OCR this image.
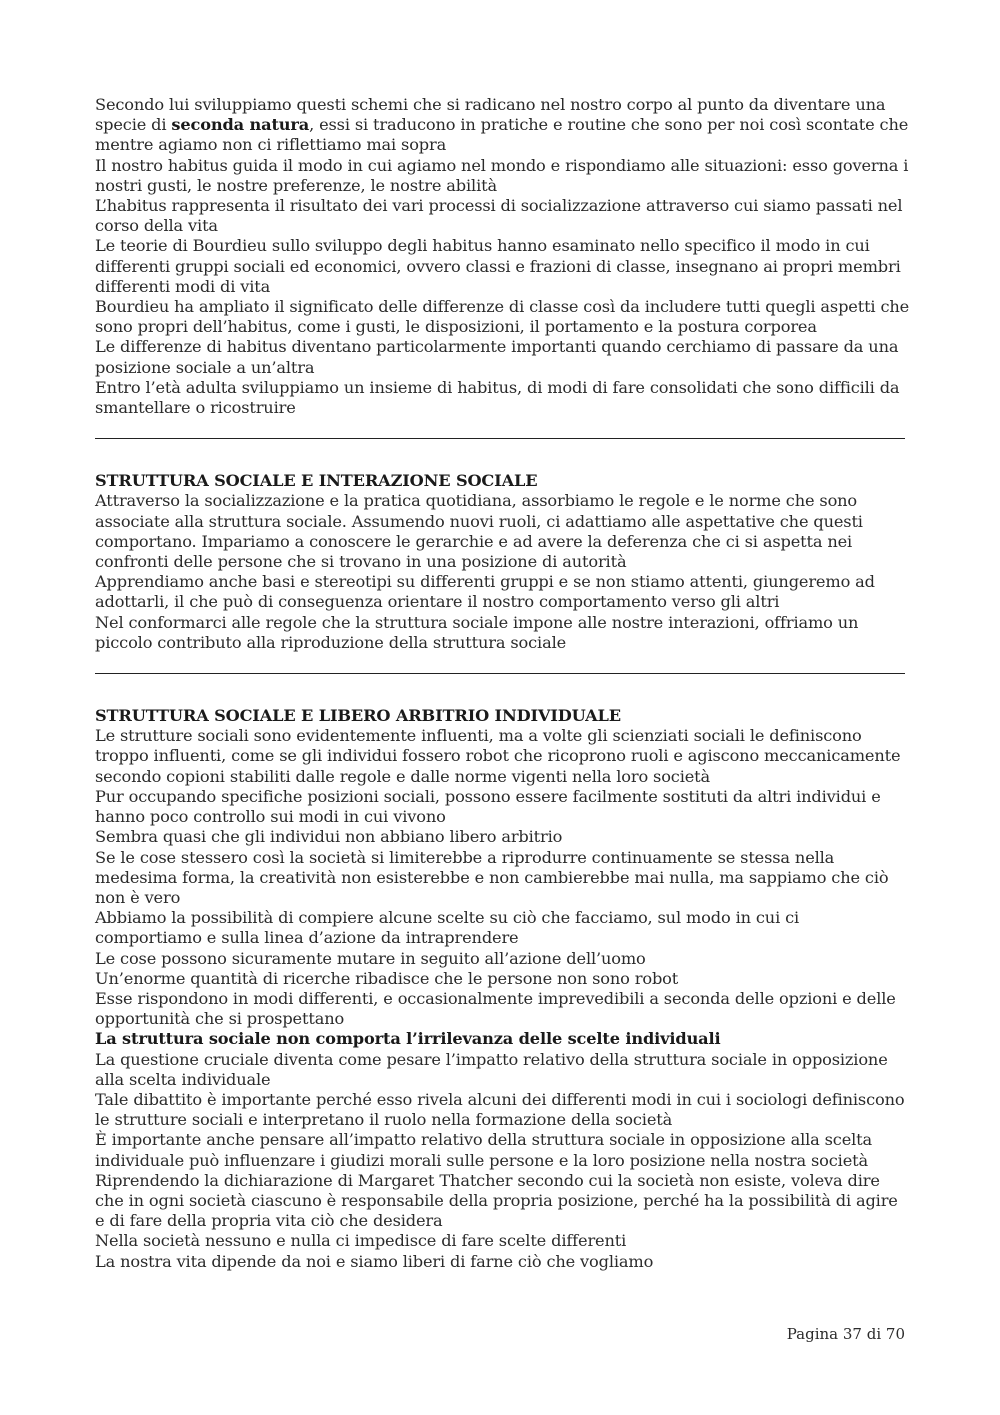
Secondo lui sviluppiamo questi schemi che si radicano nel nostro corpo al punto da diventare una specie di seconda natura, essi si traducono in pratiche e routine che sono per noi così scontate che mentre agiamo non ci riflettiamo mai sopra

Il nostro habitus guida il modo in cui agiamo nel mondo e rispondiamo alle situazioni: esso governa i nostri gusti, le nostre preferenze, le nostre abilità

L’habitus rappresenta il risultato dei vari processi di socializzazione attraverso cui siamo passati nel corso della vita

Le teorie di Bourdieu sullo sviluppo degli habitus hanno esaminato nello specifico il modo in cui differenti gruppi sociali ed economici, ovvero classi e frazioni di classe, insegnano ai propri membri differenti modi di vita

Bourdieu ha ampliato il significato delle differenze di classe così da includere tutti quegli aspetti che sono propri dell’habitus, come i gusti, le disposizioni, il portamento e la postura corporea

Le differenze di habitus diventano particolarmente importanti quando cerchiamo di passare da una posizione sociale a un’altra

Entro l’età adulta sviluppiamo un insieme di habitus, di modi di fare consolidati che sono difficili da smantellare o ricostruire

STRUTTURA SOCIALE E INTERAZIONE SOCIALE

Attraverso la socializzazione e la pratica quotidiana, assorbiamo le regole e le norme che sono associate alla struttura sociale. Assumendo nuovi ruoli, ci adattiamo alle aspettative che questi comportano. Impariamo a conoscere le gerarchie e ad avere la deferenza che ci si aspetta nei confronti delle persone che si trovano in una posizione di autorità

Apprendiamo anche basi e stereotipi su differenti gruppi e se non stiamo attenti, giungeremo ad adottarli, il che può di conseguenza orientare il nostro comportamento verso gli altri

Nel conformarci alle regole che la struttura sociale impone alle nostre interazioni, offriamo un piccolo contributo alla riproduzione della struttura sociale

STRUTTURA SOCIALE E LIBERO ARBITRIO INDIVIDUALE

Le strutture sociali sono evidentemente influenti, ma a volte gli scienziati sociali le definiscono troppo influenti, come se gli individui fossero robot che ricoprono ruoli e agiscono meccanicamente secondo copioni stabiliti dalle regole e dalle norme vigenti nella loro società

Pur occupando specifiche posizioni sociali, possono essere facilmente sostituti da altri individui e hanno poco controllo sui modi in cui vivono

Sembra quasi che gli individui non abbiano libero arbitrio

Se le cose stessero così la società si limiterebbe a riprodurre continuamente se stessa nella medesima forma, la creatività non esisterebbe e non cambierebbe mai nulla, ma sappiamo che ciò non è vero

Abbiamo la possibilità di compiere alcune scelte su ciò che facciamo, sul modo in cui ci comportiamo e sulla linea d’azione da intraprendere

Le cose possono sicuramente mutare in seguito all’azione dell’uomo

Un’enorme quantità di ricerche ribadisce che le persone non sono robot

Esse rispondono in modi differenti, e occasionalmente imprevedibili a seconda delle opzioni e delle opportunità che si prospettano

La struttura sociale non comporta l’irrilevanza delle scelte individuali

La questione cruciale diventa come pesare l’impatto relativo della struttura sociale in opposizione alla scelta individuale

Tale dibattito è importante perché esso rivela alcuni dei differenti modi in cui i sociologi definiscono le strutture sociali e interpretano il ruolo nella formazione della società

È importante anche pensare all’impatto relativo della struttura sociale in opposizione alla scelta individuale può influenzare i giudizi morali sulle persone e la loro posizione nella nostra società

Riprendendo la dichiarazione di Margaret Thatcher secondo cui la società non esiste, voleva dire che in ogni società ciascuno è responsabile della propria posizione, perché ha la possibilità di agire e di fare della propria vita ciò che desidera

Nella società nessuno e nulla ci impedisce di fare scelte differenti

La nostra vita dipende da noi e siamo liberi di farne ciò che vogliamo

Pagina 37 di 70
